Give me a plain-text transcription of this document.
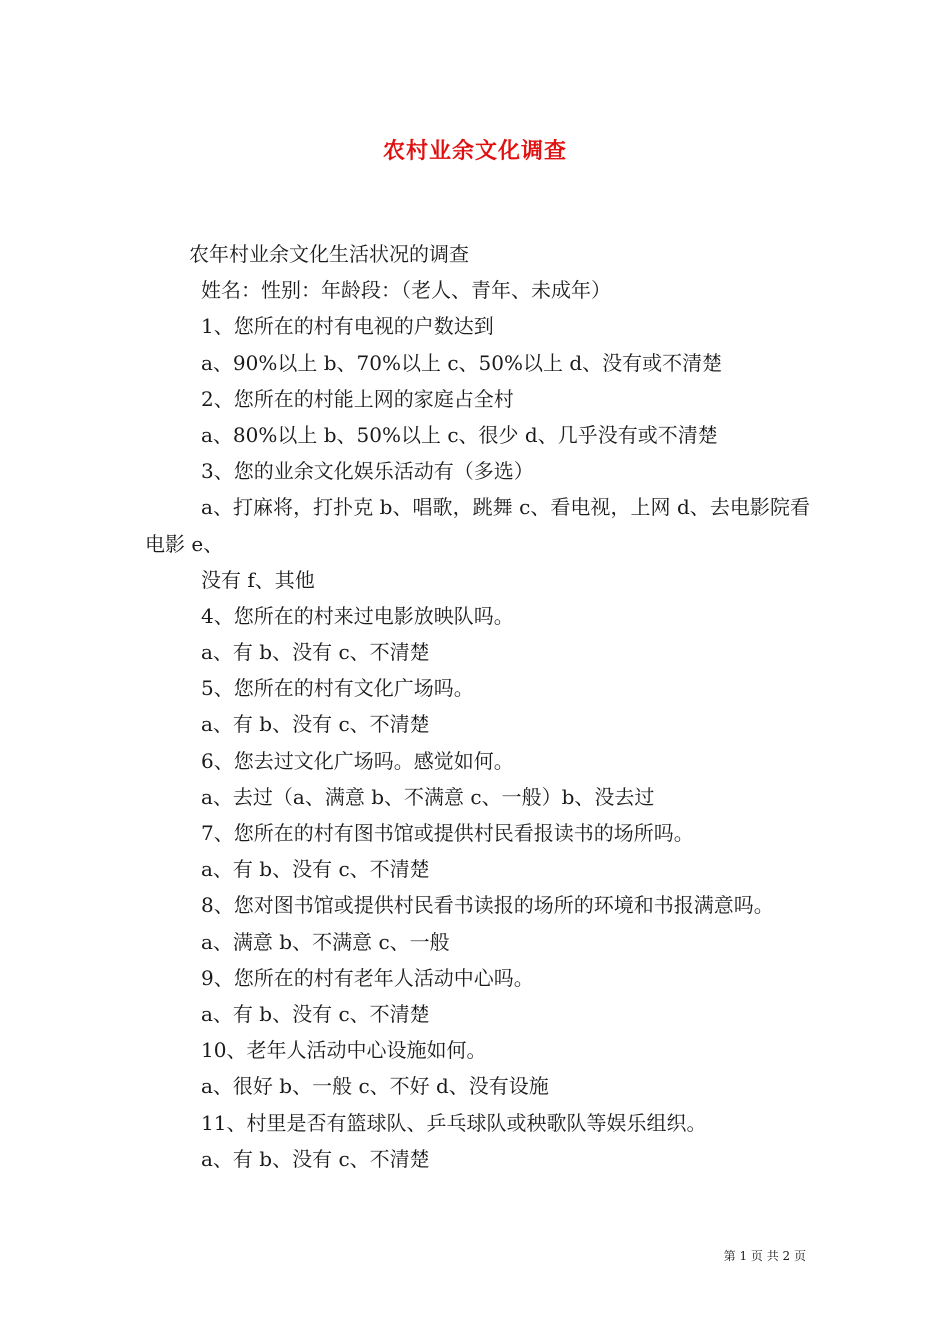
农村业余文化调查
农年村业余文化生活状况的调查
姓名：性别：年龄段：（老人、青年、未成年）
1、您所在的村有电视的户数达到
a、90%以上 b、70%以上 c、50%以上 d、没有或不清楚
2、您所在的村能上网的家庭占全村
a、80%以上 b、50%以上 c、很少 d、几乎没有或不清楚
3、您的业余文化娱乐活动有（多选）
a、打麻将，打扑克 b、唱歌，跳舞 c、看电视，上网 d、去电影院看电影 e、
没有 f、其他
4、您所在的村来过电影放映队吗。
a、有 b、没有 c、不清楚
5、您所在的村有文化广场吗。
a、有 b、没有 c、不清楚
6、您去过文化广场吗。感觉如何。
a、去过（a、满意 b、不满意 c、一般）b、没去过
7、您所在的村有图书馆或提供村民看报读书的场所吗。
a、有 b、没有 c、不清楚
8、您对图书馆或提供村民看书读报的场所的环境和书报满意吗。
a、满意 b、不满意 c、一般
9、您所在的村有老年人活动中心吗。
a、有 b、没有 c、不清楚
10、老年人活动中心设施如何。
a、很好 b、一般 c、不好 d、没有设施
11、村里是否有篮球队、乒乓球队或秧歌队等娱乐组织。
a、有 b、没有 c、不清楚
第 1 页 共 2 页
